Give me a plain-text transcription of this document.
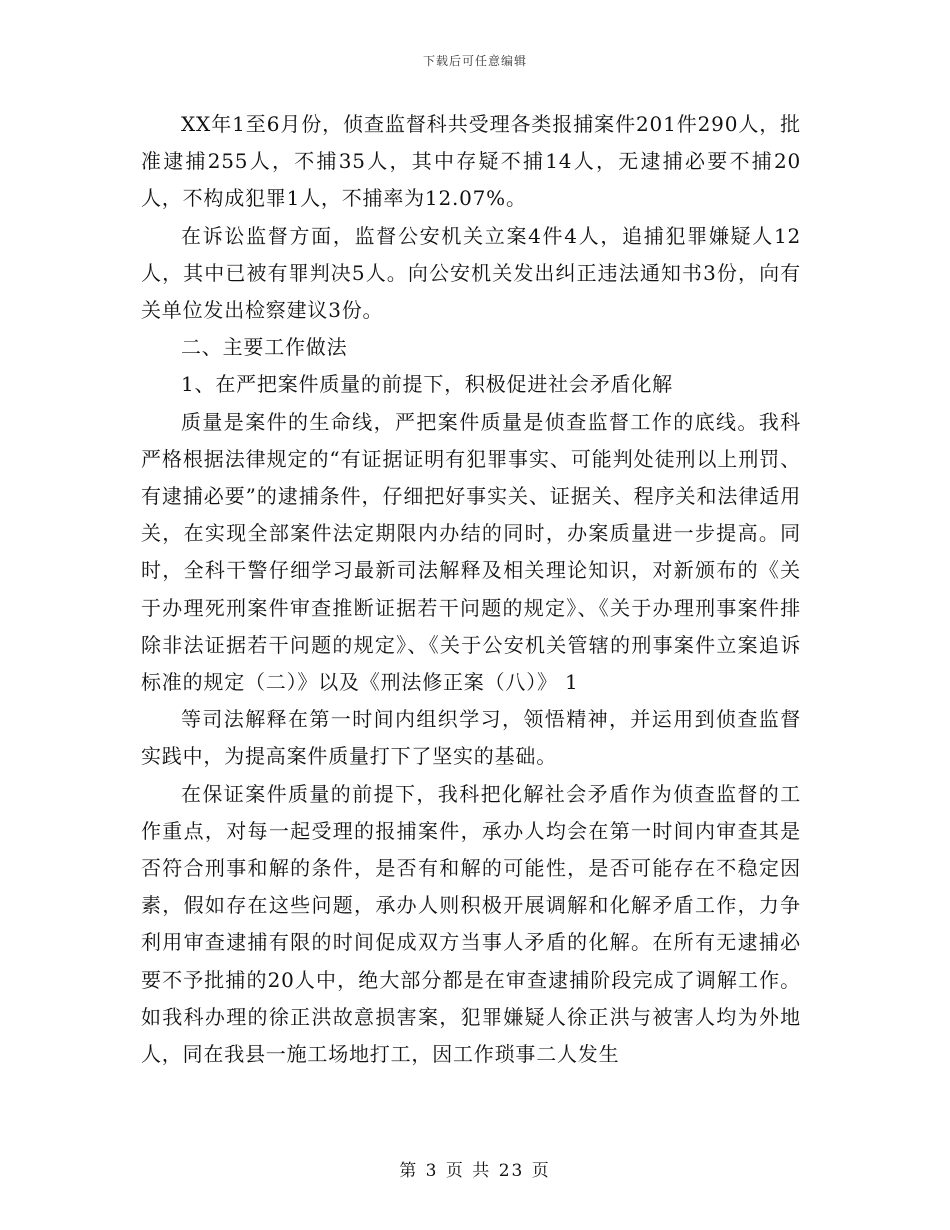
下载后可任意编辑

XX年1至6月份，侦查监督科共受理各类报捕案件201件290人，批准逮捕255人，不捕35人，其中存疑不捕14人，无逮捕必要不捕20人，不构成犯罪1人，不捕率为12.07%。

在诉讼监督方面，监督公安机关立案4件4人，追捕犯罪嫌疑人12人，其中已被有罪判决5人。向公安机关发出纠正违法通知书3份，向有关单位发出检察建议3份。

二、主要工作做法

1、在严把案件质量的前提下，积极促进社会矛盾化解

质量是案件的生命线，严把案件质量是侦查监督工作的底线。我科严格根据法律规定的“有证据证明有犯罪事实、可能判处徒刑以上刑罚、有逮捕必要”的逮捕条件，仔细把好事实关、证据关、程序关和法律适用关，在实现全部案件法定期限内办结的同时，办案质量进一步提高。同时，全科干警仔细学习最新司法解释及相关理论知识，对新颁布的《关于办理死刑案件审查推断证据若干问题的规定》、《关于办理刑事案件排除非法证据若干问题的规定》、《关于公安机关管辖的刑事案件立案追诉标准的规定（二）》以及《刑法修正案（八）》 1

等司法解释在第一时间内组织学习，领悟精神，并运用到侦查监督实践中，为提高案件质量打下了坚实的基础。

在保证案件质量的前提下，我科把化解社会矛盾作为侦查监督的工作重点，对每一起受理的报捕案件，承办人均会在第一时间内审查其是否符合刑事和解的条件，是否有和解的可能性，是否可能存在不稳定因素，假如存在这些问题，承办人则积极开展调解和化解矛盾工作，力争利用审查逮捕有限的时间促成双方当事人矛盾的化解。在所有无逮捕必要不予批捕的20人中，绝大部分都是在审查逮捕阶段完成了调解工作。如我科办理的徐正洪故意损害案，犯罪嫌疑人徐正洪与被害人均为外地人，同在我县一施工场地打工，因工作琐事二人发生

第 3 页 共 23 页
